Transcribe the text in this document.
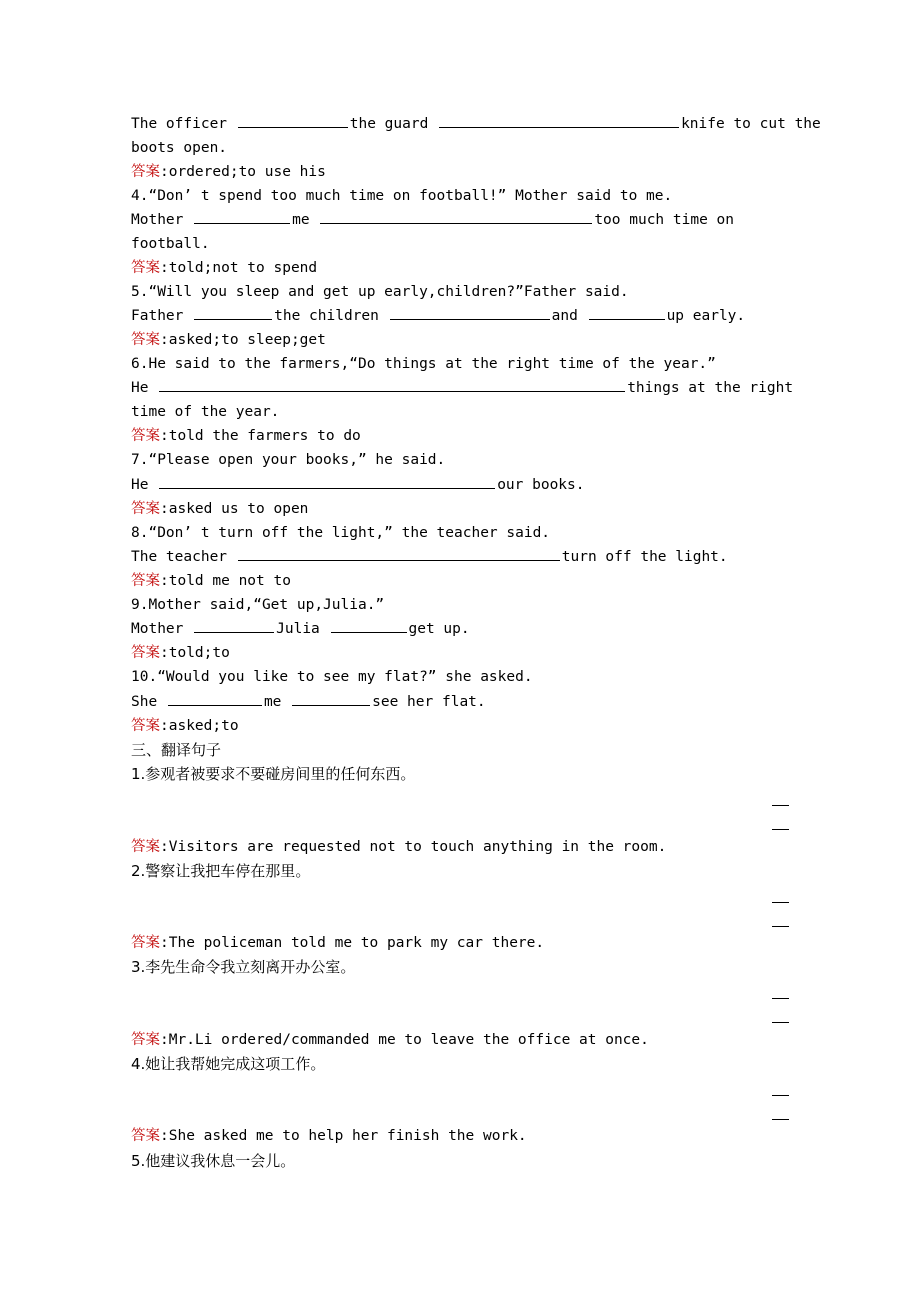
The officer	the guard	knife to cut the
boots open.
答案:ordered;to use his
4.“Don’ t spend too much time on football!” Mother said to me.
Mother	me	too much time on
football.
答案:told;not to spend
5.“Will you sleep and get up early,children?”Father said.
Father	the children	and	up early.
答案:asked;to sleep;get
6.He said to the farmers,“Do things at the right time of the year.”
He	things at the right
time of the year.
答案:told the farmers to do
7.“Please open your books,” he said.
He	our books.
答案:asked us to open
8.“Don’ t turn off the light,” the teacher said.
The teacher	turn off the light.
答案:told me not to
9.Mother said,“Get up,Julia.”
Mother	Julia	get up.
答案:told;to
10.“Would you like to see my flat?” she asked.
She	me	see her flat.
答案:asked;to
三、翻译句子
1.参观者被要求不要碰房间里的任何东西。
答案:Visitors are requested not to touch anything in the room.
2.警察让我把车停在那里。
答案:The policeman told me to park my car there.
3.李先生命令我立刻离开办公室。
答案:Mr.Li ordered/commanded me to leave the office at once.
4.她让我帮她完成这项工作。
答案:She asked me to help her finish the work.
5.他建议我休息一会儿。
